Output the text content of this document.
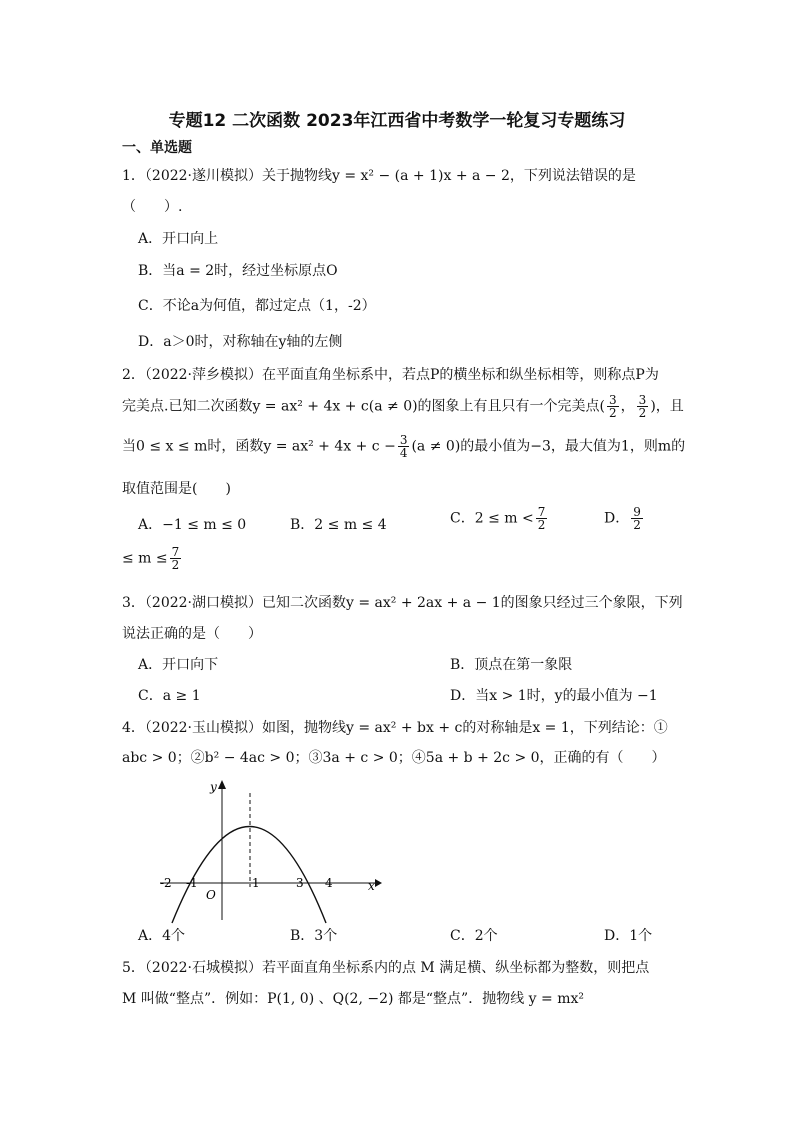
专题12 二次函数 2023年江西省中考数学一轮复习专题练习
一、单选题
1．（2022·遂川模拟）关于抛物线y = x² − (a + 1)x + a − 2，下列说法错误的是
（　　）.
A．开口向上
B．当a = 2时，经过坐标原点O
C．不论a为何值，都过定点（1，-2）
D．a＞0时，对称轴在y轴的左侧
2．（2022·萍乡模拟）在平面直角坐标系中，若点P的横坐标和纵坐标相等，则称点P为
完美点.已知二次函数y = ax² + 4x + c(a ≠ 0)的图象上有且只有一个完美点( $\frac{3}{2}$ ， $\frac{3}{2}$ )，且
当0 ≤ x ≤ m时，函数$y = ax^2 + 4x + c - \frac{3}{4} (a \ne 0)$的最小值为−3，最大值为1，则m的
取值范围是(　　)
A．−1 ≤ m ≤ 0	B．2 ≤ m ≤ 4	C．$2 \le m < \frac{7}{2}$	D． $\frac{9}{2}$
≤ $m \le \frac{7}{2}$
3．（2022·湖口模拟）已知二次函数y = ax² + 2ax + a − 1的图象只经过三个象限，下列
说法正确的是（　　）
A．开口向下	B．顶点在第一象限
C．a ≥ 1	D．当x > 1时，y的最小值为 −1
4．（2022·玉山模拟）如图，抛物线y = ax² + bx + c的对称轴是x = 1，下列结论：①
abc > 0；②b² − 4ac > 0；③3a + c > 0；④5a + b + 2c > 0，正确的有（　　）
y
x
O
-2 -1	1	3 4
A．4个	B．3个	C．2个	D．1个
5．（2022·石城模拟）若平面直角坐标系内的点 M 满足横、纵坐标都为整数，则把点
M 叫做“整点”．例如：P(1, 0) 、Q(2, −2) 都是“整点”．抛物线 y = mx²
